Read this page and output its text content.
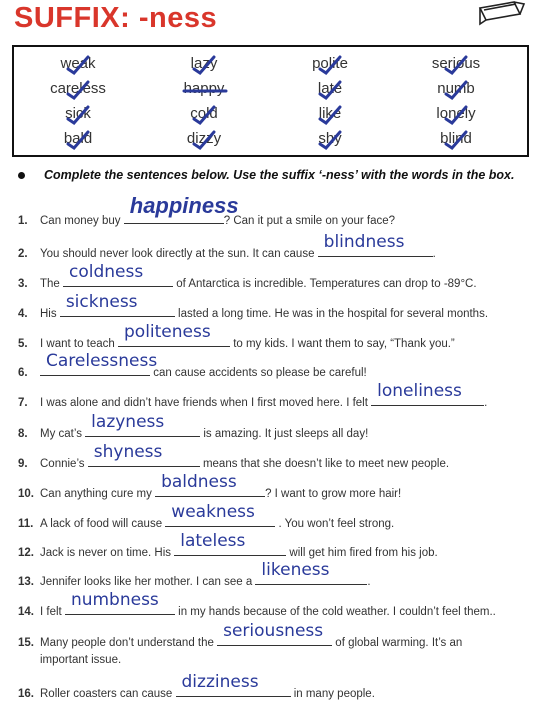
SUFFIX: -ness
weak	lazy	polite	serious
careless	happy	late	numb
sick	cold	like	lonely
bald	dizzy	shy	blind
Complete the sentences below. Use the suffix ‘-ness’ with the words in the box.
1. Can money buy
happiness
? Can it put a smile on your face?
2. You should never look directly at the sun. It can cause
blindness
.
3. The
coldness
of Antarctica is incredible. Temperatures can drop to -89°C.
4. His
sickness
lasted a long time. He was in the hospital for several months.
5. I want to teach
politeness
to my kids. I want them to say, “Thank you.”
6.
Carelessness
can cause accidents so please be careful!
7. I was alone and didn’t have friends when I first moved here. I felt
loneliness
.
8. My cat’s
lazyness
is amazing. It just sleeps all day!
9. Connie’s
shyness
means that she doesn’t like to meet new people.
10. Can anything cure my
baldness
? I want to grow more hair!
11. A lack of food will cause
weakness
. You won’t feel strong.
12. Jack is never on time. His
lateless
will get him fired from his job.
13. Jennifer looks like her mother. I can see a
likeness
.
14. I felt
numbness
in my hands because of the cold weather. I couldn’t feel them..
15. Many people don’t understand the
seriousness
of global warming. It’s an
important issue.
16. Roller coasters can cause
dizziness
in many people.
